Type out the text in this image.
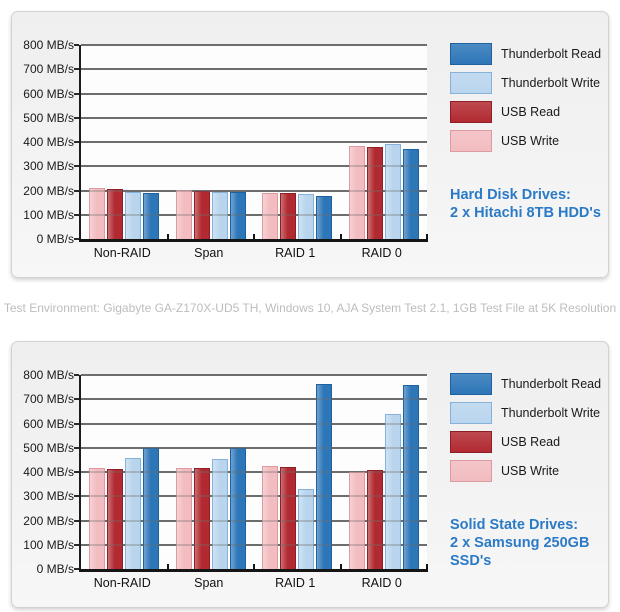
800 MB/s
700 MB/s
600 MB/s
500 MB/s
400 MB/s
300 MB/s
200 MB/s
100 MB/s
0 MB/s
Non-RAID	Span	RAID 1	RAID 0
Thunderbolt Read
Thunderbolt Write
USB Read
USB Write
Hard Disk Drives:
2 x Hitachi 8TB HDD's
Test Environment: Gigabyte GA-Z170X-UD5 TH, Windows 10, AJA System Test 2.1, 1GB Test File at 5K Resolution
800 MB/s
700 MB/s
600 MB/s
500 MB/s
400 MB/s
300 MB/s
200 MB/s
100 MB/s
0 MB/s
Non-RAID	Span	RAID 1	RAID 0
Thunderbolt Read
Thunderbolt Write
USB Read
USB Write
Solid State Drives:
2 x Samsung 250GB SSD's
